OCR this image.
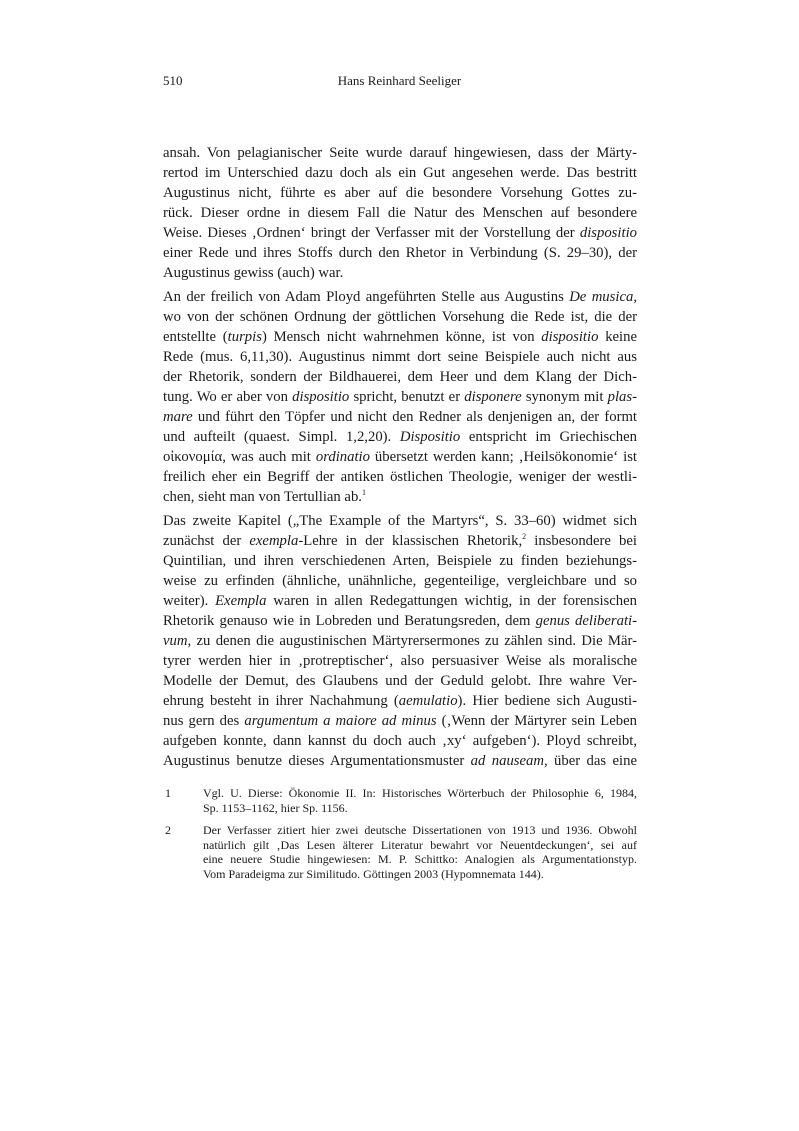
510	Hans Reinhard Seeliger
ansah. Von pelagianischer Seite wurde darauf hingewiesen, dass der Märty-
rertod im Unterschied dazu doch als ein Gut angesehen werde. Das bestritt
Augustinus nicht, führte es aber auf die besondere Vorsehung Gottes zu-
rück. Dieser ordne in diesem Fall die Natur des Menschen auf besondere
Weise. Dieses ‚Ordnen‘ bringt der Verfasser mit der Vorstellung der dispositio
einer Rede und ihres Stoffs durch den Rhetor in Verbindung (S. 29–30), der
Augustinus gewiss (auch) war.
An der freilich von Adam Ployd angeführten Stelle aus Augustins De musica,
wo von der schönen Ordnung der göttlichen Vorsehung die Rede ist, die der
entstellte (turpis) Mensch nicht wahrnehmen könne, ist von dispositio keine
Rede (mus. 6,11,30). Augustinus nimmt dort seine Beispiele auch nicht aus
der Rhetorik, sondern der Bildhauerei, dem Heer und dem Klang der Dich-
tung. Wo er aber von dispositio spricht, benutzt er disponere synonym mit plas-
mare und führt den Töpfer und nicht den Redner als denjenigen an, der formt
und aufteilt (quaest. Simpl. 1,2,20). Dispositio entspricht im Griechischen
οἰκονομία, was auch mit ordinatio übersetzt werden kann; ‚Heilsökonomie‘ ist
freilich eher ein Begriff der antiken östlichen Theologie, weniger der westli-
chen, sieht man von Tertullian ab.$^1$
Das zweite Kapitel („The Example of the Martyrs“, S. 33–60) widmet sich
zunächst der exempla-Lehre in der klassischen Rhetorik,$^2$ insbesondere bei
Quintilian, und ihren verschiedenen Arten, Beispiele zu finden beziehungs-
weise zu erfinden (ähnliche, unähnliche, gegenteilige, vergleichbare und so
weiter). Exempla waren in allen Redegattungen wichtig, in der forensischen
Rhetorik genauso wie in Lobreden und Beratungsreden, dem genus deliberati-
vum, zu denen die augustinischen Märtyrersermones zu zählen sind. Die Mär-
tyrer werden hier in ‚protreptischer‘, also persuasiver Weise als moralische
Modelle der Demut, des Glaubens und der Geduld gelobt. Ihre wahre Ver-
ehrung besteht in ihrer Nachahmung (aemulatio). Hier bediene sich Augusti-
nus gern des argumentum a maiore ad minus (‚Wenn der Märtyrer sein Leben
aufgeben konnte, dann kannst du doch auch ‚xy‘ aufgeben‘). Ployd schreibt,
Augustinus benutze dieses Argumentationsmuster ad nauseam, über das eine
1	Vgl. U. Dierse: Ökonomie II. In: Historisches Wörterbuch der Philosophie 6, 1984,
Sp. 1153–1162, hier Sp. 1156.
2	Der Verfasser zitiert hier zwei deutsche Dissertationen von 1913 und 1936. Obwohl
natürlich gilt ‚Das Lesen älterer Literatur bewahrt vor Neuentdeckungen‘, sei auf
eine neuere Studie hingewiesen: M. P. Schittko: Analogien als Argumentationstyp.
Vom Paradeigma zur Similitudo. Göttingen 2003 (Hypomnemata 144).
